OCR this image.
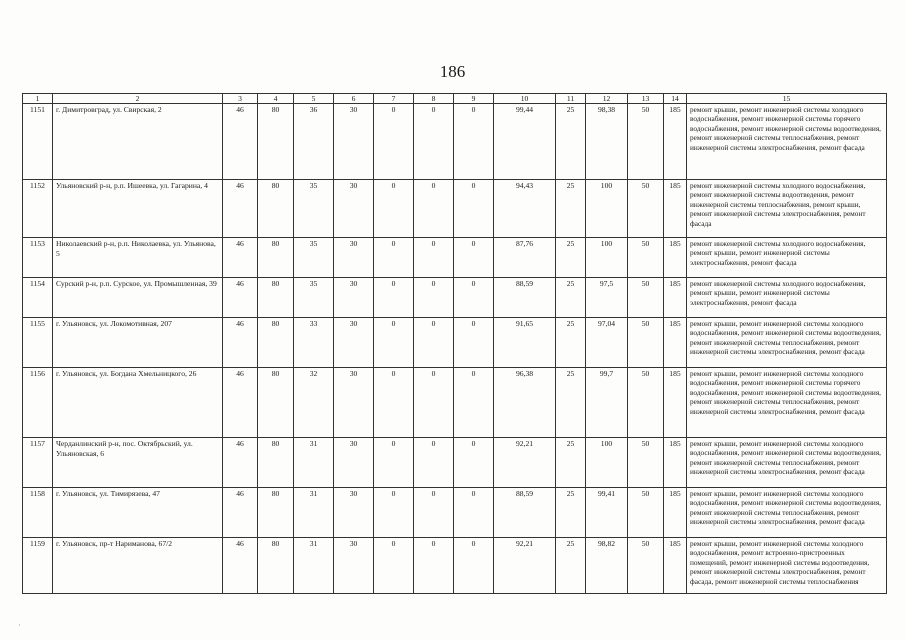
186
1	2	3	4	5	6	7	8	9	10	11	12	13	14	15
1151	г. Димитровград, ул. Свирская, 2	46	80	36	30	0	0	0	99,44	25	98,38	50	185	ремонт крыши, ремонт инженерной системы холодного водоснабжения, ремонт инженерной системы горячего водоснабжения, ремонт инженерной системы водоотведения, ремонт инженерной системы теплоснабжения, ремонт инженерной системы электроснабжения, ремонт фасада
1152	Ульяновский р-н, р.п. Ишеевка, ул. Гагарина, 4	46	80	35	30	0	0	0	94,43	25	100	50	185	ремонт инженерной системы холодного водоснабжения, ремонт инженерной системы водоотведения, ремонт инженерной системы теплоснабжения, ремонт крыши, ремонт инженерной системы электроснабжения, ремонт фасада
1153	Николаевский р-н, р.п. Николаевка, ул. Ульянова, 5	46	80	35	30	0	0	0	87,76	25	100	50	185	ремонт инженерной системы холодного водоснабжения, ремонт крыши, ремонт инженерной системы электроснабжения, ремонт фасада
1154	Сурский р-н, р.п. Сурское, ул. Промышленная, 39	46	80	35	30	0	0	0	88,59	25	97,5	50	185	ремонт инженерной системы холодного водоснабжения, ремонт крыши, ремонт инженерной системы электроснабжения, ремонт фасада
1155	г. Ульяновск, ул. Локомотивная, 207	46	80	33	30	0	0	0	91,65	25	97,04	50	185	ремонт крыши, ремонт инженерной системы холодного водоснабжения, ремонт инженерной системы водоотведения, ремонт инженерной системы теплоснабжения, ремонт инженерной системы электроснабжения, ремонт фасада
1156	г. Ульяновск, ул. Богдана Хмельницкого, 26	46	80	32	30	0	0	0	96,38	25	99,7	50	185	ремонт крыши, ремонт инженерной системы холодного водоснабжения, ремонт инженерной системы горячего водоснабжения, ремонт инженерной системы водоотведения, ремонт инженерной системы теплоснабжения, ремонт инженерной системы электроснабжения, ремонт фасада
1157	Черданлинский р-н, пос. Октябрьский, ул. Ульяновская, 6	46	80	31	30	0	0	0	92,21	25	100	50	185	ремонт крыши, ремонт инженерной системы холодного водоснабжения, ремонт инженерной системы водоотведения, ремонт инженерной системы теплоснабжения, ремонт инженерной системы электроснабжения, ремонт фасада
1158	г. Ульяновск, ул. Тимирязева, 47	46	80	31	30	0	0	0	88,59	25	99,41	50	185	ремонт крыши, ремонт инженерной системы холодного водоснабжения, ремонт инженерной системы водоотведения, ремонт инженерной системы теплоснабжения, ремонт инженерной системы электроснабжения, ремонт фасада
1159	г. Ульяновск, пр-т Нариманова, 67/2	46	80	31	30	0	0	0	92,21	25	98,82	50	185	ремонт крыши, ремонт инженерной системы холодного водоснабжения, ремонт встроенно-пристроенных помещений, ремонт инженерной системы водоотведения, ремонт инженерной системы электроснабжения, ремонт фасада, ремонт инженерной системы теплоснабжения
·
